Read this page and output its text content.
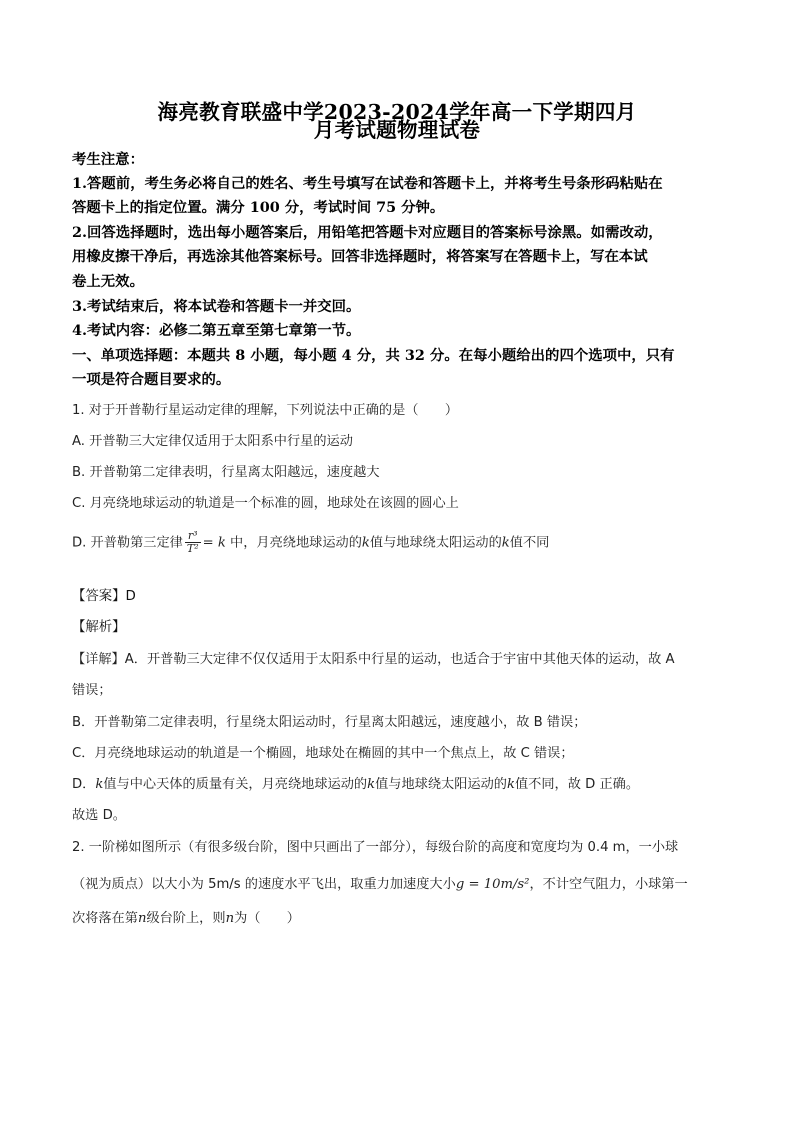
海亮教育联盛中学2023-2024学年高一下学期四月
月考试题物理试卷
考生注意：
1.答题前，考生务必将自己的姓名、考生号填写在试卷和答题卡上，并将考生号条形码粘贴在
答题卡上的指定位置。满分 100 分，考试时间 75 分钟。
2.回答选择题时，选出每小题答案后，用铅笔把答题卡对应题目的答案标号涂黑。如需改动，
用橡皮擦干净后，再选涂其他答案标号。回答非选择题时，将答案写在答题卡上，写在本试
卷上无效。
3.考试结束后，将本试卷和答题卡一并交回。
4.考试内容：必修二第五章至第七章第一节。
一、单项选择题：本题共 8 小题，每小题 4 分，共 32 分。在每小题给出的四个选项中，只有
一项是符合题目要求的。
1. 对于开普勒行星运动定律的理解，下列说法中正确的是（　　）
A. 开普勒三大定律仅适用于太阳系中行星的运动
B. 开普勒第二定律表明，行星离太阳越远，速度越大
C. 月亮绕地球运动的轨道是一个标准的圆，地球处在该圆的圆心上
D. 开普勒第三定律 $\frac{\text{r³}}{\text{T²}} = k$ 中，月亮绕地球运动的k值与地球绕太阳运动的k值不同
【答案】D
【解析】
【详解】A．开普勒三大定律不仅仅适用于太阳系中行星的运动，也适合于宇宙中其他天体的运动，故 A
错误；
B．开普勒第二定律表明，行星绕太阳运动时，行星离太阳越远，速度越小，故 B 错误；
C．月亮绕地球运动的轨道是一个椭圆，地球处在椭圆的其中一个焦点上，故 C 错误；
D．k值与中心天体的质量有关，月亮绕地球运动的k值与地球绕太阳运动的k值不同，故 D 正确。
故选 D。
2. 一阶梯如图所示（有很多级台阶，图中只画出了一部分），每级台阶的高度和宽度均为 0.4 m，一小球
（视为质点）以大小为 5m/s 的速度水平飞出，取重力加速度大小g = 10m/s²，不计空气阻力，小球第一
次将落在第n级台阶上，则n为（　　）
